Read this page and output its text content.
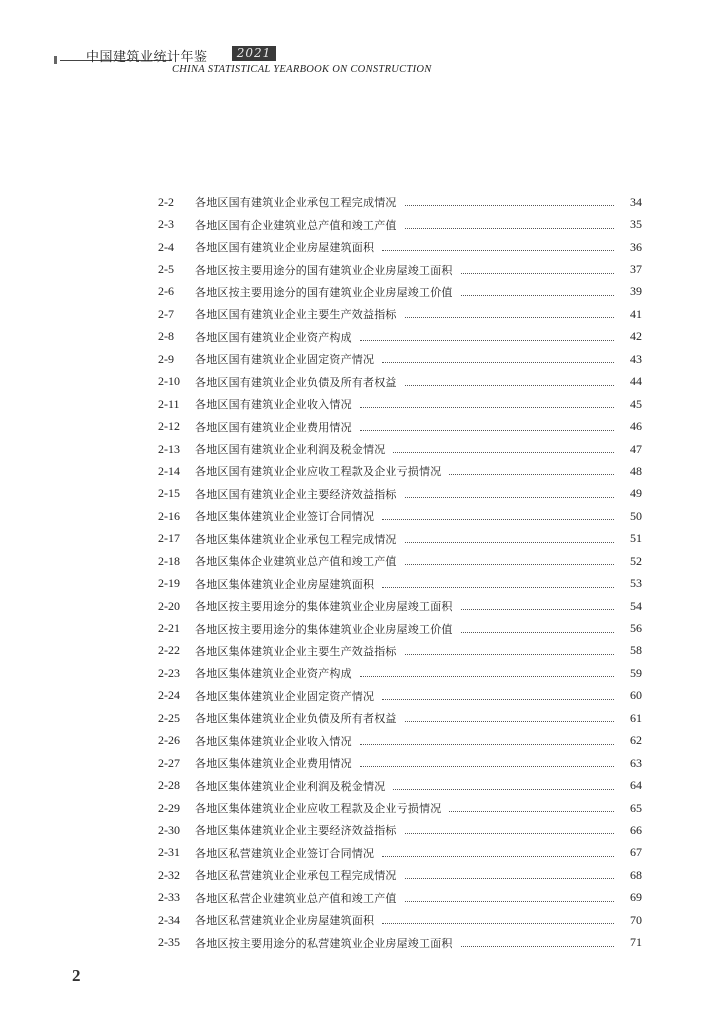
中国建筑业统计年鉴	2021
CHINA STATISTICAL YEARBOOK ON CONSTRUCTION
2-2	各地区国有建筑业企业承包工程完成情况	34
2-3	各地区国有企业建筑业总产值和竣工产值	35
2-4	各地区国有建筑业企业房屋建筑面积	36
2-5	各地区按主要用途分的国有建筑业企业房屋竣工面积	37
2-6	各地区按主要用途分的国有建筑业企业房屋竣工价值	39
2-7	各地区国有建筑业企业主要生产效益指标	41
2-8	各地区国有建筑业企业资产构成	42
2-9	各地区国有建筑业企业固定资产情况	43
2-10	各地区国有建筑业企业负债及所有者权益	44
2-11	各地区国有建筑业企业收入情况	45
2-12	各地区国有建筑业企业费用情况	46
2-13	各地区国有建筑业企业利润及税金情况	47
2-14	各地区国有建筑业企业应收工程款及企业亏损情况	48
2-15	各地区国有建筑业企业主要经济效益指标	49
2-16	各地区集体建筑业企业签订合同情况	50
2-17	各地区集体建筑业企业承包工程完成情况	51
2-18	各地区集体企业建筑业总产值和竣工产值	52
2-19	各地区集体建筑业企业房屋建筑面积	53
2-20	各地区按主要用途分的集体建筑业企业房屋竣工面积	54
2-21	各地区按主要用途分的集体建筑业企业房屋竣工价值	56
2-22	各地区集体建筑业企业主要生产效益指标	58
2-23	各地区集体建筑业企业资产构成	59
2-24	各地区集体建筑业企业固定资产情况	60
2-25	各地区集体建筑业企业负债及所有者权益	61
2-26	各地区集体建筑业企业收入情况	62
2-27	各地区集体建筑业企业费用情况	63
2-28	各地区集体建筑业企业利润及税金情况	64
2-29	各地区集体建筑业企业应收工程款及企业亏损情况	65
2-30	各地区集体建筑业企业主要经济效益指标	66
2-31	各地区私营建筑业企业签订合同情况	67
2-32	各地区私营建筑业企业承包工程完成情况	68
2-33	各地区私营企业建筑业总产值和竣工产值	69
2-34	各地区私营建筑业企业房屋建筑面积	70
2-35	各地区按主要用途分的私营建筑业企业房屋竣工面积	71
2
